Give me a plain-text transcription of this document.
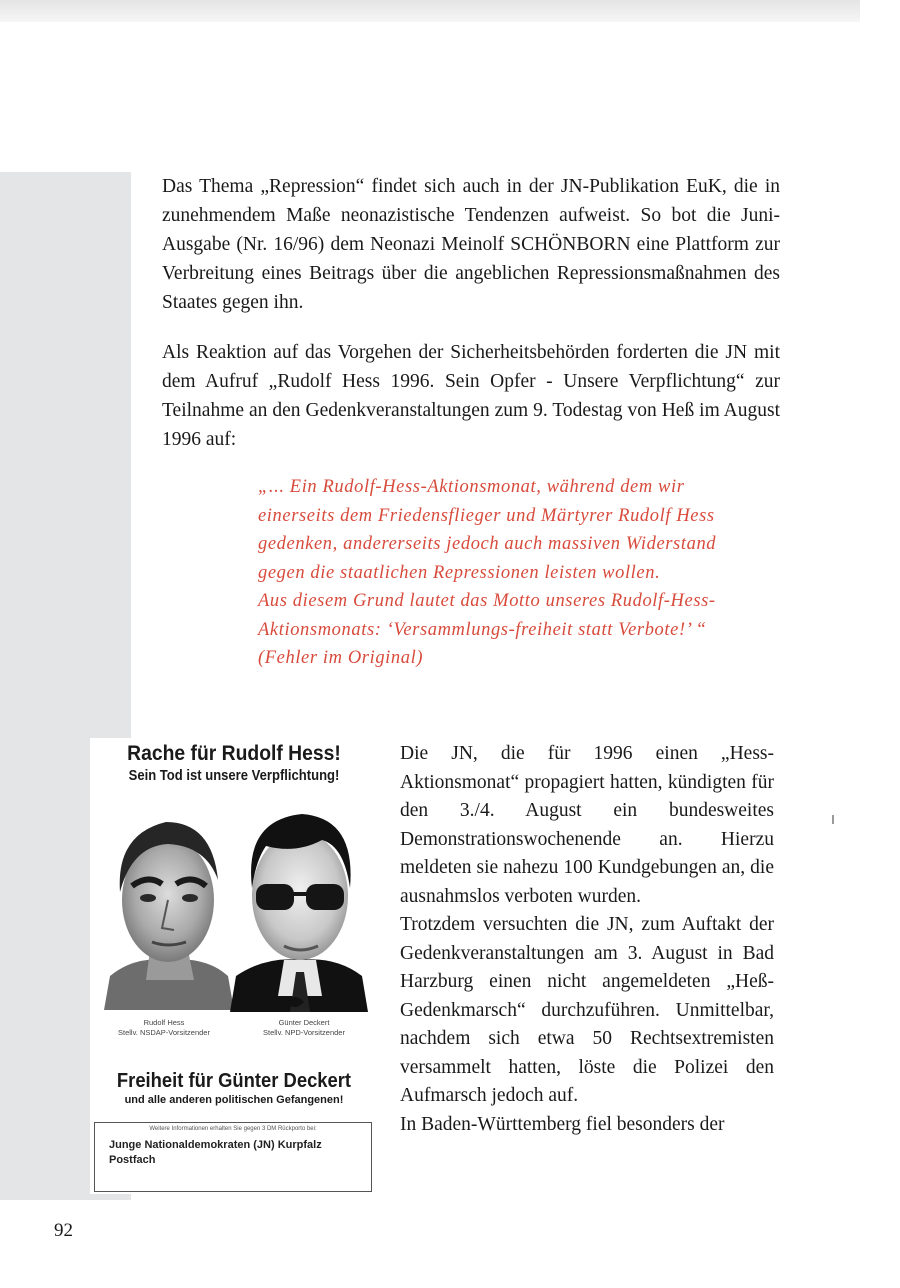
Das Thema „Repression“ findet sich auch in der JN-Publikation EuK, die in zunehmendem Maße neonazistische Tendenzen aufweist. So bot die Juni-Ausgabe (Nr. 16/96) dem Neonazi Meinolf SCHÖNBORN eine Plattform zur Verbreitung eines Beitrags über die angeblichen Repressionsmaßnahmen des Staates gegen ihn.

Als Reaktion auf das Vorgehen der Sicherheitsbehörden forderten die JN mit dem Aufruf „Rudolf Hess 1996. Sein Opfer - Unsere Verpflichtung“ zur Teilnahme an den Gedenkveranstaltungen zum 9. Todestag von Heß im August 1996 auf:

„... Ein Rudolf-Hess-Aktionsmonat, während dem wir einerseits dem Friedensflieger und Märtyrer Rudolf Hess gedenken, andererseits jedoch auch massiven Widerstand gegen die staatlichen Repressionen leisten wollen.

Aus diesem Grund lautet das Motto unseres Rudolf-Hess-Aktionsmonats: ‘Versammlungs-freiheit statt Verbote!’ “

(Fehler im Original)

Rache für Rudolf Hess!
Sein Tod ist unsere Verpflichtung!
Rudolf Hess
Stellv. NSDAP-Vorsitzender
Günter Deckert
Stellv. NPD-Vorsitzender
Freiheit für Günter Deckert
und alle anderen politischen Gefangenen!
Weitere Informationen erhalten Sie gegen 3 DM Rückporto bei:
Junge Nationaldemokraten (JN) Kurpfalz
Postfach

Die JN, die für 1996 einen „Hess-Aktionsmonat“ propagiert hatten, kündigten für den 3./4. August ein bundesweites Demonstrationswochenende an. Hierzu meldeten sie nahezu 100 Kundgebungen an, die ausnahmslos verboten wurden.

Trotzdem versuchten die JN, zum Auftakt der Gedenkveranstaltungen am 3. August in Bad Harzburg einen nicht angemeldeten „Heß-Gedenkmarsch“ durchzuführen. Unmittelbar, nachdem sich etwa 50 Rechtsextremisten versammelt hatten, löste die Polizei den Aufmarsch jedoch auf.

In Baden-Württemberg fiel besonders der

92
